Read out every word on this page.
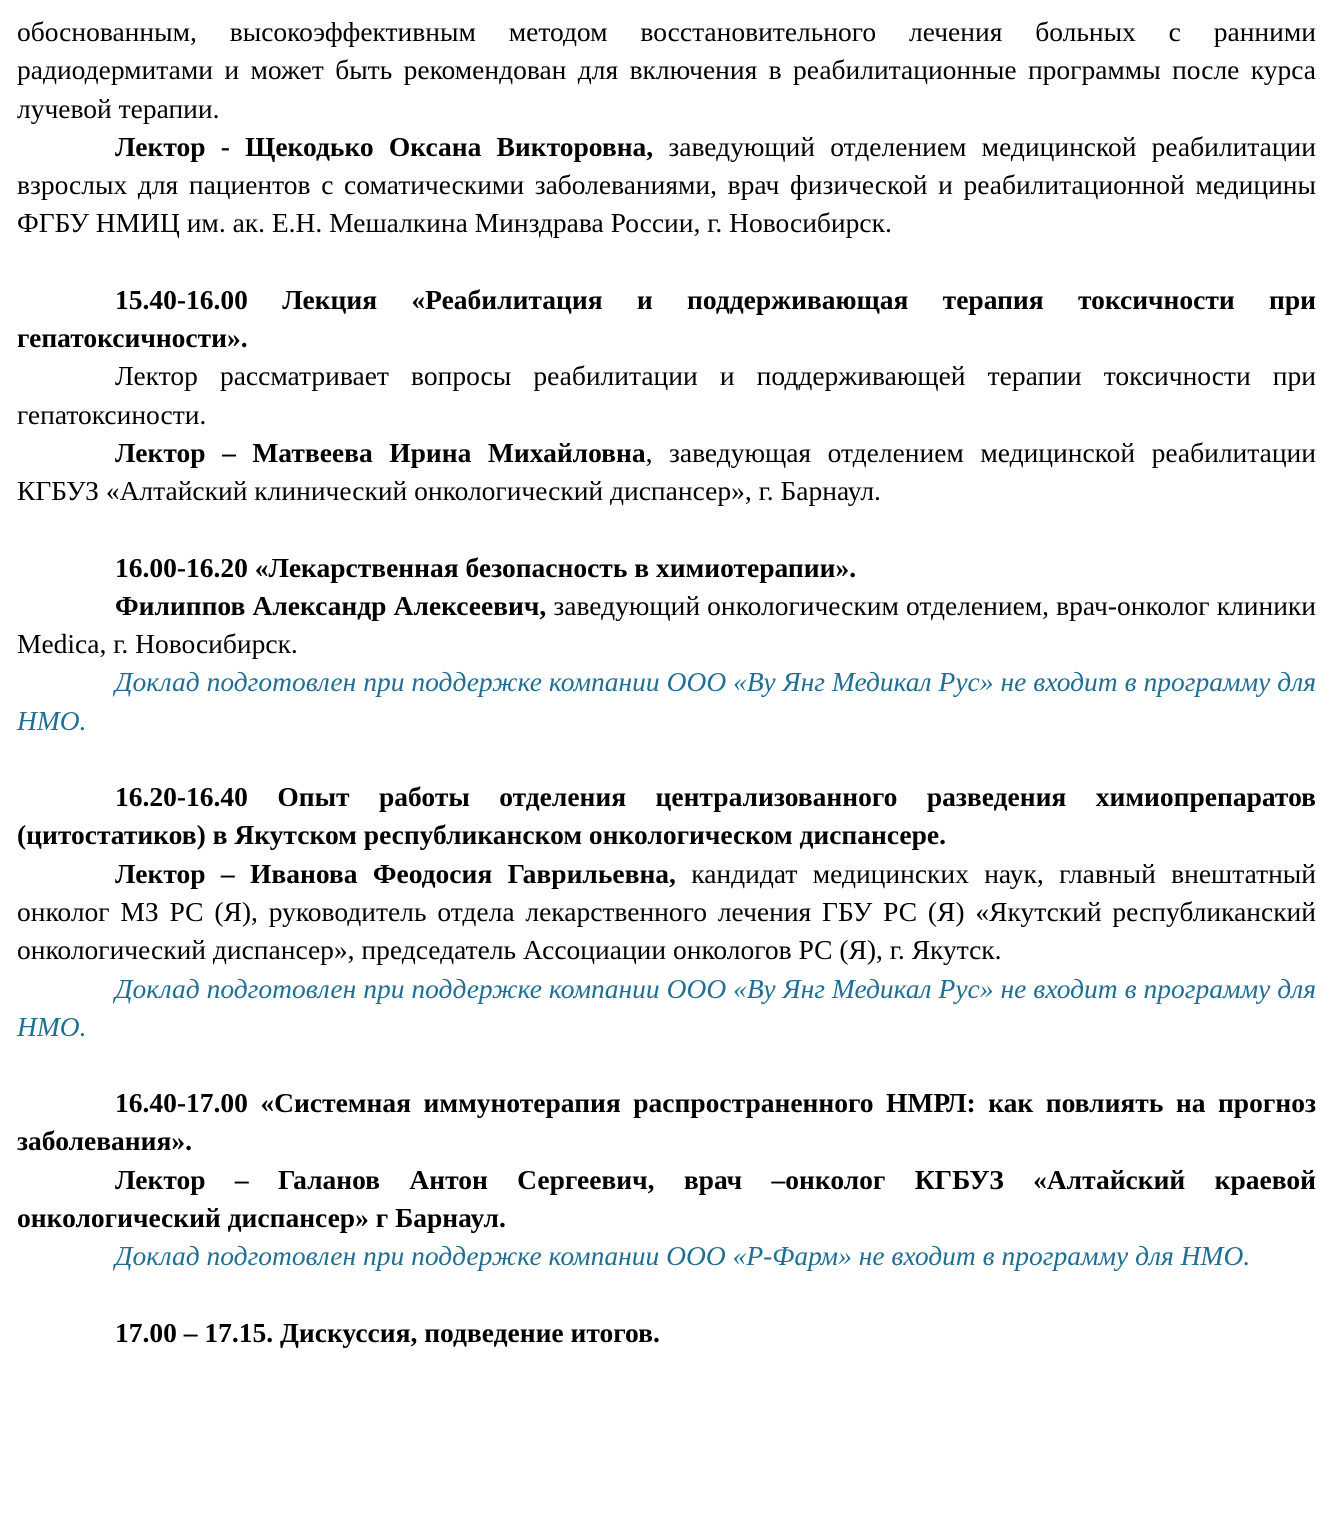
обоснованным, высокоэффективным методом восстановительного лечения больных с ранними радиодермитами и может быть рекомендован для включения в реабилитационные программы после курса лучевой терапии.

Лектор - Щекодько Оксана Викторовна, заведующий отделением медицинской реабилитации взрослых для пациентов с соматическими заболеваниями, врач физической и реабилитационной медицины ФГБУ НМИЦ им. ак. Е.Н. Мешалкина Минздрава России, г. Новосибирск.

15.40-16.00 Лекция «Реабилитация и поддерживающая терапия токсичности при гепатоксичности».

Лектор рассматривает вопросы реабилитации и поддерживающей терапии токсичности при гепатоксиности.

Лектор – Матвеева Ирина Михайловна, заведующая отделением медицинской реабилитации КГБУЗ «Алтайский клинический онкологический диспансер», г. Барнаул.

16.00-16.20 «Лекарственная безопасность в химиотерапии».

Филиппов Александр Алексеевич, заведующий онкологическим отделением, врач-онколог клиники Medica, г. Новосибирск.

Доклад подготовлен при поддержке компании ООО «Ву Янг Медикал Рус» не входит в программу для НМО.

16.20-16.40 Опыт работы отделения централизованного разведения химиопрепаратов (цитостатиков) в Якутском республиканском онкологическом диспансере.

Лектор – Иванова Феодосия Гаврильевна, кандидат медицинских наук, главный внештатный онколог МЗ РС (Я), руководитель отдела лекарственного лечения ГБУ РС (Я) «Якутский республиканский онкологический диспансер», председатель Ассоциации онкологов РС (Я), г. Якутск.

Доклад подготовлен при поддержке компании ООО «Ву Янг Медикал Рус» не входит в программу для НМО.

16.40-17.00 «Системная иммунотерапия распространенного НМРЛ: как повлиять на прогноз заболевания».

Лектор – Галанов Антон Сергеевич, врач –онколог КГБУЗ «Алтайский краевой онкологический диспансер» г Барнаул.

Доклад подготовлен при поддержке компании ООО «Р-Фарм» не входит в программу для НМО.

17.00 – 17.15. Дискуссия, подведение итогов.
